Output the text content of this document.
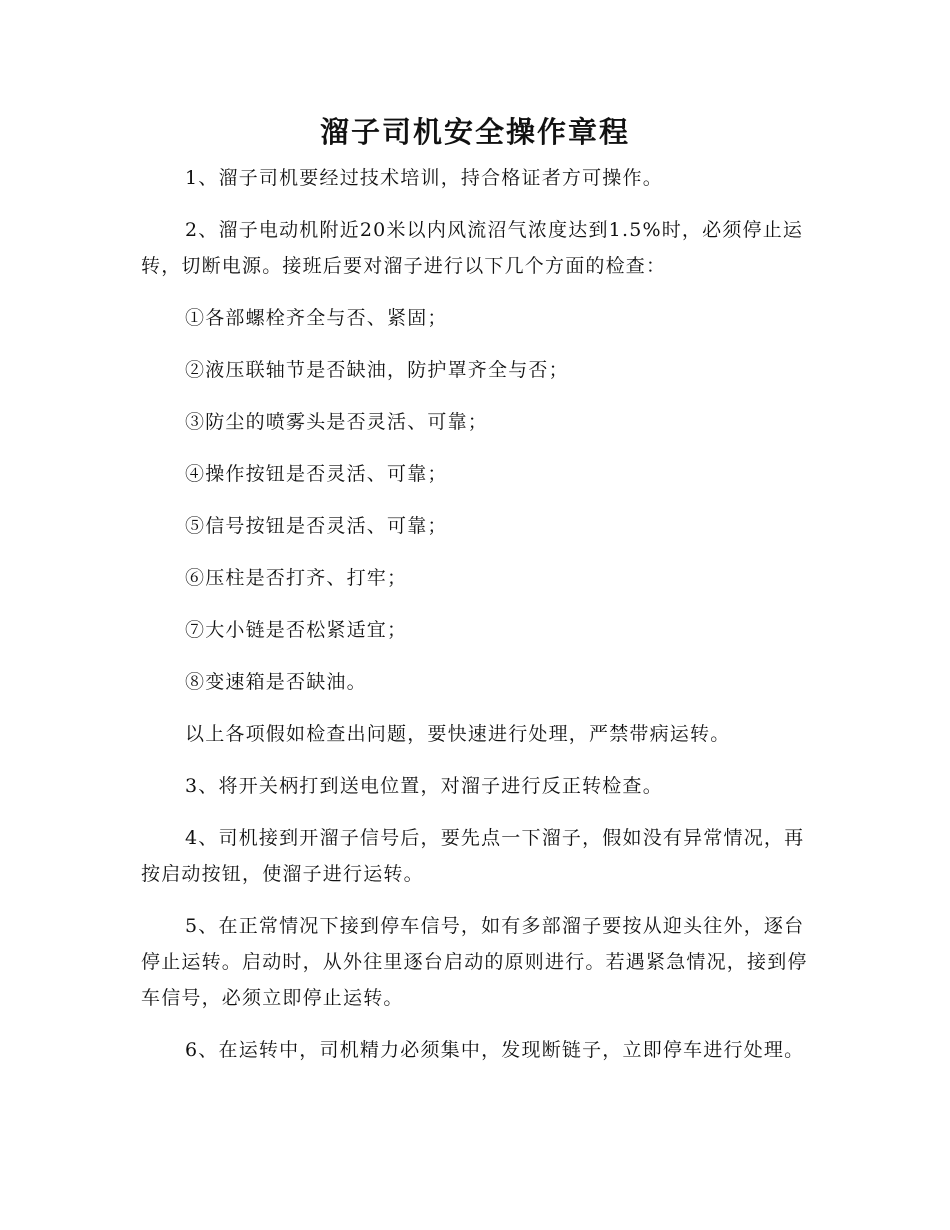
溜子司机安全操作章程

1、溜子司机要经过技术培训，持合格证者方可操作。

2、溜子电动机附近20米以内风流沼气浓度达到1.5%时，必须停止运转，切断电源。接班后要对溜子进行以下几个方面的检查：

①各部螺栓齐全与否、紧固；

②液压联轴节是否缺油，防护罩齐全与否；

③防尘的喷雾头是否灵活、可靠；

④操作按钮是否灵活、可靠；

⑤信号按钮是否灵活、可靠；

⑥压柱是否打齐、打牢；

⑦大小链是否松紧适宜；

⑧变速箱是否缺油。

以上各项假如检查出问题，要快速进行处理，严禁带病运转。

3、将开关柄打到送电位置，对溜子进行反正转检查。

4、司机接到开溜子信号后，要先点一下溜子，假如没有异常情况，再按启动按钮，使溜子进行运转。

5、在正常情况下接到停车信号，如有多部溜子要按从迎头往外，逐台停止运转。启动时，从外往里逐台启动的原则进行。若遇紧急情况，接到停车信号，必须立即停止运转。

6、在运转中，司机精力必须集中，发现断链子，立即停车进行处理。
